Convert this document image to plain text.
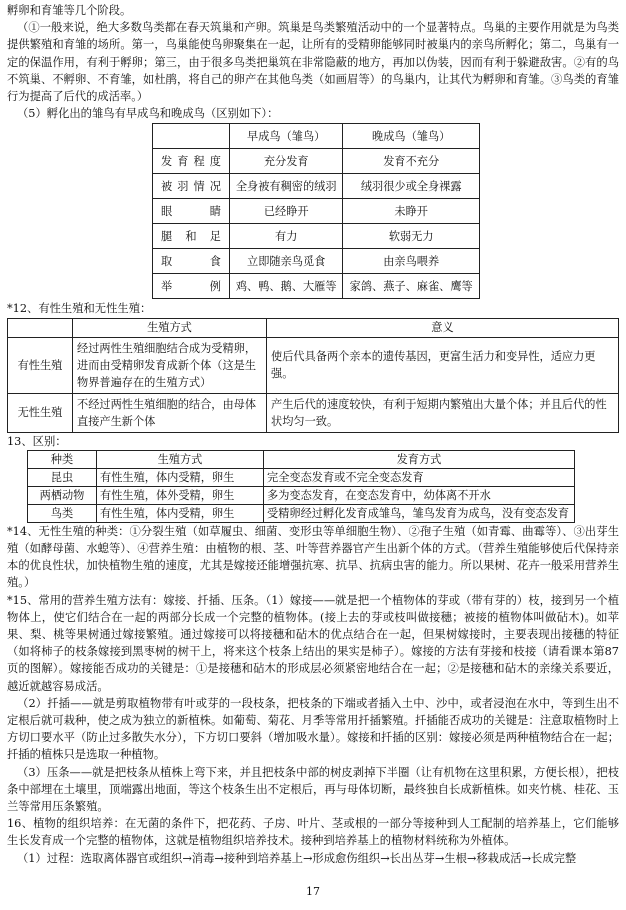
孵卵和育雏等几个阶段。

（①一般来说，绝大多数鸟类都在春天筑巢和产卵。筑巢是鸟类繁殖活动中的一个显著特点。鸟巢的主要作用就是为鸟类提供繁殖和育雏的场所。第一，鸟巢能使鸟卵聚集在一起，让所有的受精卵能够同时被巢内的亲鸟所孵化；第二，鸟巢有一定的保温作用，有利于孵卵；第三，由于很多鸟类把巢筑在非常隐蔽的地方，再加以伪装，因而有利于躲避敌害。②有的鸟不筑巢、不孵卵、不育雏，如杜鹃，将自己的卵产在其他鸟类（如画眉等）的鸟巢内，让其代为孵卵和育雏。③鸟类的育雏行为提高了后代的成活率。）

（5）孵化出的雏鸟有早成鸟和晚成鸟（区别如下）：

	早成鸟（雏鸟）	晚成鸟（雏鸟）
发育程度	充分发育	发育不充分
被羽情况	全身被有稠密的绒羽	绒羽很少或全身裸露
眼睛	已经睁开	未睁开
腿和足	有力	软弱无力
取食	立即随亲鸟觅食	由亲鸟喂养
举例	鸡、鸭、鹅、大雁等	家鸽、燕子、麻雀、鹰等

*12、有性生殖和无性生殖：

	生殖方式	意义
有性生殖	经过两性生殖细胞结合成为受精卵，进而由受精卵发育成新个体（这是生物界普遍存在的生殖方式）	使后代具备两个亲本的遗传基因，更富生活力和变异性，适应力更强。
无性生殖	不经过两性生殖细胞的结合，由母体直接产生新个体	产生后代的速度较快，有利于短期内繁殖出大量个体；并且后代的性状均匀一致。

13、区别：

种类	生殖方式	发育方式
昆虫	有性生殖，体内受精，卵生	完全变态发育或不完全变态发育
两栖动物	有性生殖，体外受精，卵生	多为变态发育，在变态发育中，幼体离不开水
鸟类	有性生殖，体内受精，卵生	受精卵经过孵化发育成雏鸟，雏鸟发育为成鸟，没有变态发育

*14、无性生殖的种类：①分裂生殖（如草履虫、细菌、变形虫等单细胞生物）、②孢子生殖（如青霉、曲霉等）、③出芽生殖（如酵母菌、水螅等）、④营养生殖：由植物的根、茎、叶等营养器官产生出新个体的方式。（营养生殖能够使后代保持亲本的优良性状，加快植物生殖的速度，尤其是嫁接还能增强抗寒、抗旱、抗病虫害的能力。所以果树、花卉一般采用营养生殖。）

*15、常用的营养生殖方法有：嫁接、扦插、压条。（1）嫁接——就是把一个植物体的芽或（带有芽的）枝，接到另一个植物体上，使它们结合在一起的两部分长成一个完整的植物体。(接上去的芽或枝叫做接穗；被接的植物体叫做砧木)。如苹果、梨、桃等果树通过嫁接繁殖。通过嫁接可以将接穗和砧木的优点结合在一起，但果树嫁接时，主要表现出接穗的特征（如将柿子的枝条嫁接到黑枣树的树干上，将来这个枝条上结出的果实是柿子）。嫁接的方法有芽接和枝接（请看课本第87页的图解）。嫁接能否成功的关键是：①是接穗和砧木的形成层必须紧密地结合在一起；②是接穗和砧木的亲缘关系要近，越近就越容易成活。

（2）扦插——就是剪取植物带有叶或芽的一段枝条，把枝条的下端或者插入土中、沙中，或者浸泡在水中，等到生出不定根后就可栽种，使之成为独立的新植株。如葡萄、菊花、月季等常用扦插繁殖。扦插能否成功的关键是：注意取植物时上方切口要水平（防止过多散失水分），下方切口要斜（增加吸水量）。嫁接和扦插的区别：嫁接必须是两种植物结合在一起；扦插的植株只是选取一种植物。

（3）压条——就是把枝条从植株上弯下来，并且把枝条中部的树皮剥掉下半圈（让有机物在这里积累，方便长根），把枝条中部埋在土壤里，顶端露出地面，等这个枝条生出不定根后，再与母体切断，最终独自长成新植株。如夹竹桃、桂花、玉兰等常用压条繁殖。

16、植物的组织培养：在无菌的条件下，把花药、子房、叶片、茎或根的一部分等接种到人工配制的培养基上，它们能够生长发育成一个完整的植物体，这就是植物组织培养技术。接种到培养基上的植物材料统称为外植体。

（1）过程：选取离体器官或组织→消毒→接种到培养基上→形成愈伤组织→长出丛芽→生根→移栽成活→长成完整

17
